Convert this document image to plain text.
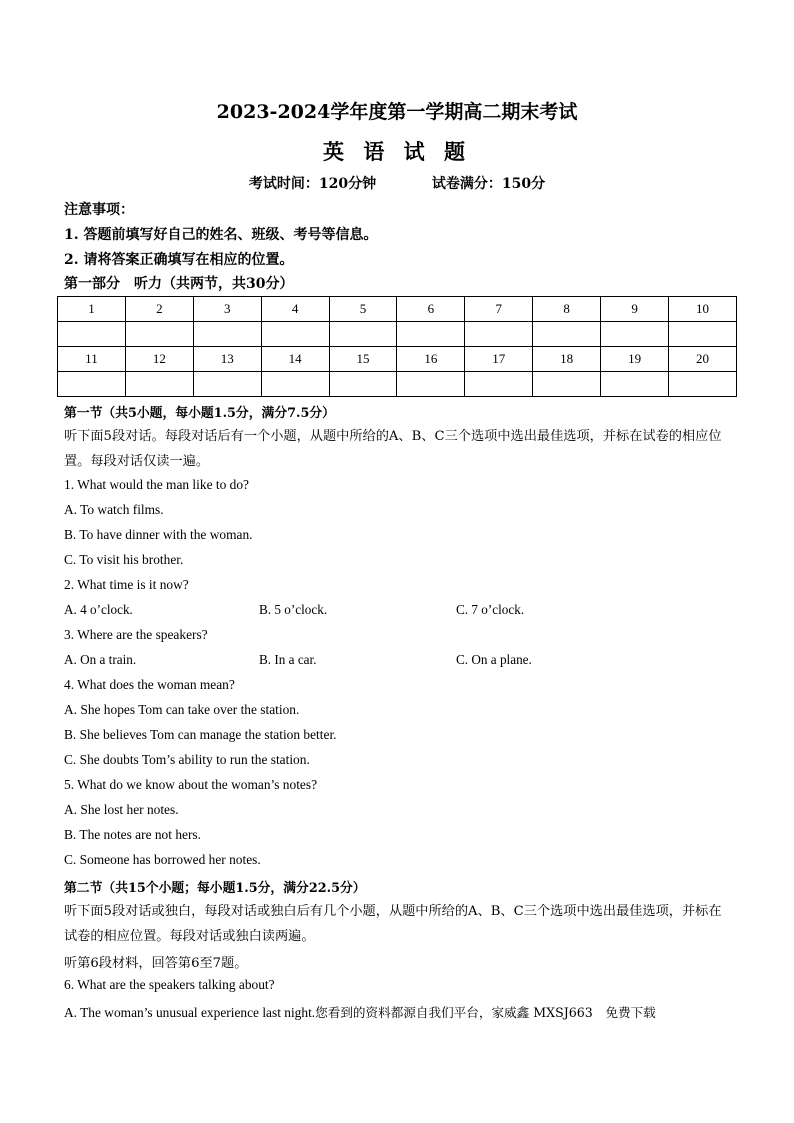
2023-2024学年度第一学期高二期末考试
英 语 试 题
考试时间：120分钟	试卷满分：150分
注意事项：
1. 答题前填写好自己的姓名、班级、考号等信息。
2. 请将答案正确填写在相应的位置。
第一部分　听力（共两节，共30分）
1	2	3	4	5	6	7	8	9	10

11	12	13	14	15	16	17	18	19	20

第一节（共5小题，每小题1.5分，满分7.5分）
听下面5段对话。每段对话后有一个小题，从题中所给的A、B、C三个选项中选出最佳选项，并标在试卷的相应位置。每段对话仅读一遍。
1. What would the man like to do?
A. To watch films.
B. To have dinner with the woman.
C. To visit his brother.
2. What time is it now?
A. 4 o’clock.	B. 5 o’clock.	C. 7 o’clock.
3. Where are the speakers?
A. On a train.	B. In a car.	C. On a plane.
4. What does the woman mean?
A. She hopes Tom can take over the station.
B. She believes Tom can manage the station better.
C. She doubts Tom’s ability to run the station.
5. What do we know about the woman’s notes?
A. She lost her notes.
B. The notes are not hers.
C. Someone has borrowed her notes.
第二节（共15个小题；每小题1.5分，满分22.5分）
听下面5段对话或独白，每段对话或独白后有几个小题，从题中所给的A、B、C三个选项中选出最佳选项，并标在试卷的相应位置。每段对话或独白读两遍。
听第6段材料，回答第6至7题。
6. What are the speakers talking about?
A. The woman’s unusual experience last night.您看到的资料都源自我们平台，家威鑫 MXSJ663　免费下载
